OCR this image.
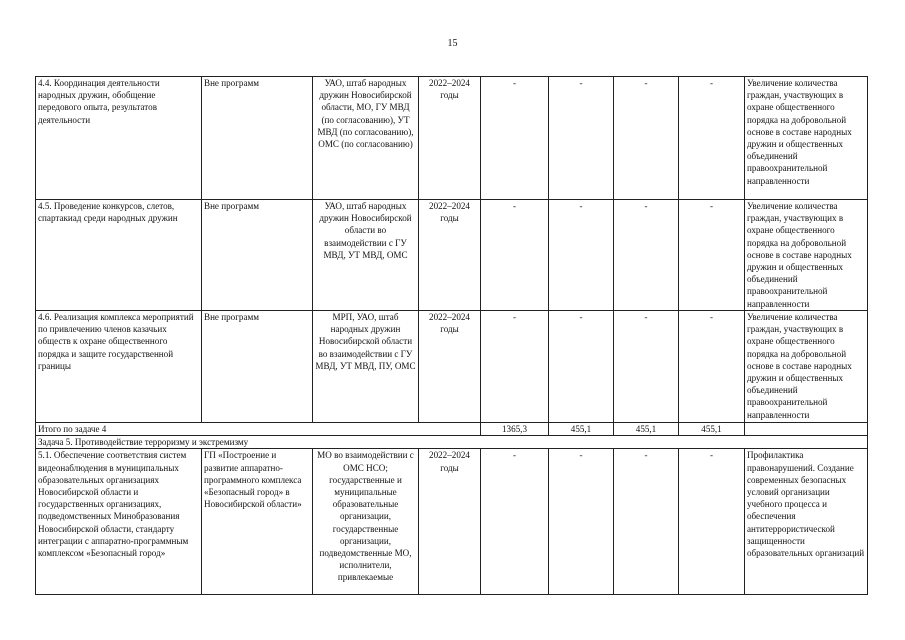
15
4.4. Координация деятельности народных дружин, обобщение передового опыта, результатов деятельности	Вне программ	УАО, штаб народных дружин Новосибирской области, МО, ГУ МВД (по согласованию), УТ МВД (по согласованию), ОМС (по согласованию)	2022–2024 годы	-	-	-	-	Увеличение количества граждан, участвующих в охране общественного порядка на добровольной основе в составе народных дружин и общественных объединений правоохранительной направленности
4.5. Проведение конкурсов, слетов, спартакиад среди народных дружин	Вне программ	УАО, штаб народных дружин Новосибирской области во взаимодействии с ГУ МВД, УТ МВД, ОМС	2022–2024 годы	-	-	-	-	Увеличение количества граждан, участвующих в охране общественного порядка на добровольной основе в составе народных дружин и общественных объединений правоохранительной направленности
4.6. Реализация комплекса мероприятий по привлечению членов казачьих обществ к охране общественного порядка и защите государственной границы	Вне программ	МРП, УАО, штаб народных дружин Новосибирской области во взаимодействии с ГУ МВД, УТ МВД, ПУ, ОМС	2022–2024 годы	-	-	-	-	Увеличение количества граждан, участвующих в охране общественного порядка на добровольной основе в составе народных дружин и общественных объединений правоохранительной направленности
Итого по задаче 4				1365,3	455,1	455,1	455,1	
Задача 5. Противодействие терроризму и экстремизму								
5.1. Обеспечение соответствия систем видеонаблюдения в муниципальных образовательных организациях Новосибирской области и государственных организациях, подведомственных Минобразования Новосибирской области, стандарту интеграции с аппаратно-программным комплексом «Безопасный город»	ГП «Построение и развитие аппаратно-программного комплекса «Безопасный город» в Новосибирской области»	МО во взаимодействии с ОМС НСО; государственные и муниципальные образовательные организации, государственные организации, подведомственные МО, исполнители, привлекаемые	2022–2024 годы	-	-	-	-	Профилактика правонарушений. Создание современных безопасных условий организации учебного процесса и обеспечения антитеррористической защищенности образовательных организаций
